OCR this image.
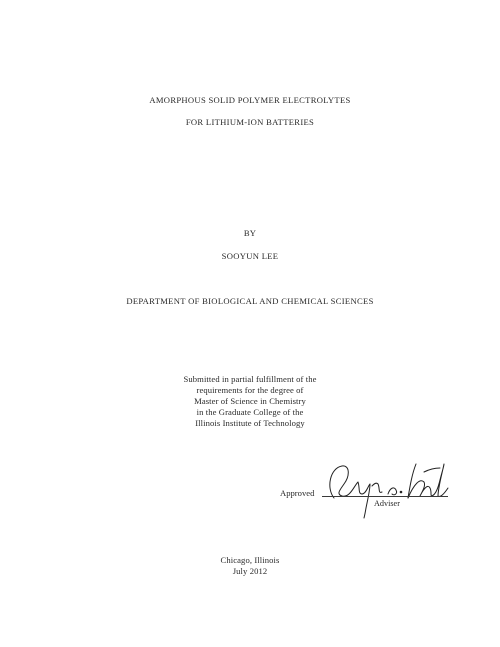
AMORPHOUS SOLID POLYMER ELECTROLYTES
FOR LITHIUM-ION BATTERIES
BY
SOOYUN LEE
DEPARTMENT OF BIOLOGICAL AND CHEMICAL SCIENCES
Submitted in partial fulfillment of the
requirements for the degree of
Master of Science in Chemistry
in the Graduate College of the
Illinois Institute of Technology
Approved
Adviser
Chicago, Illinois
July 2012
